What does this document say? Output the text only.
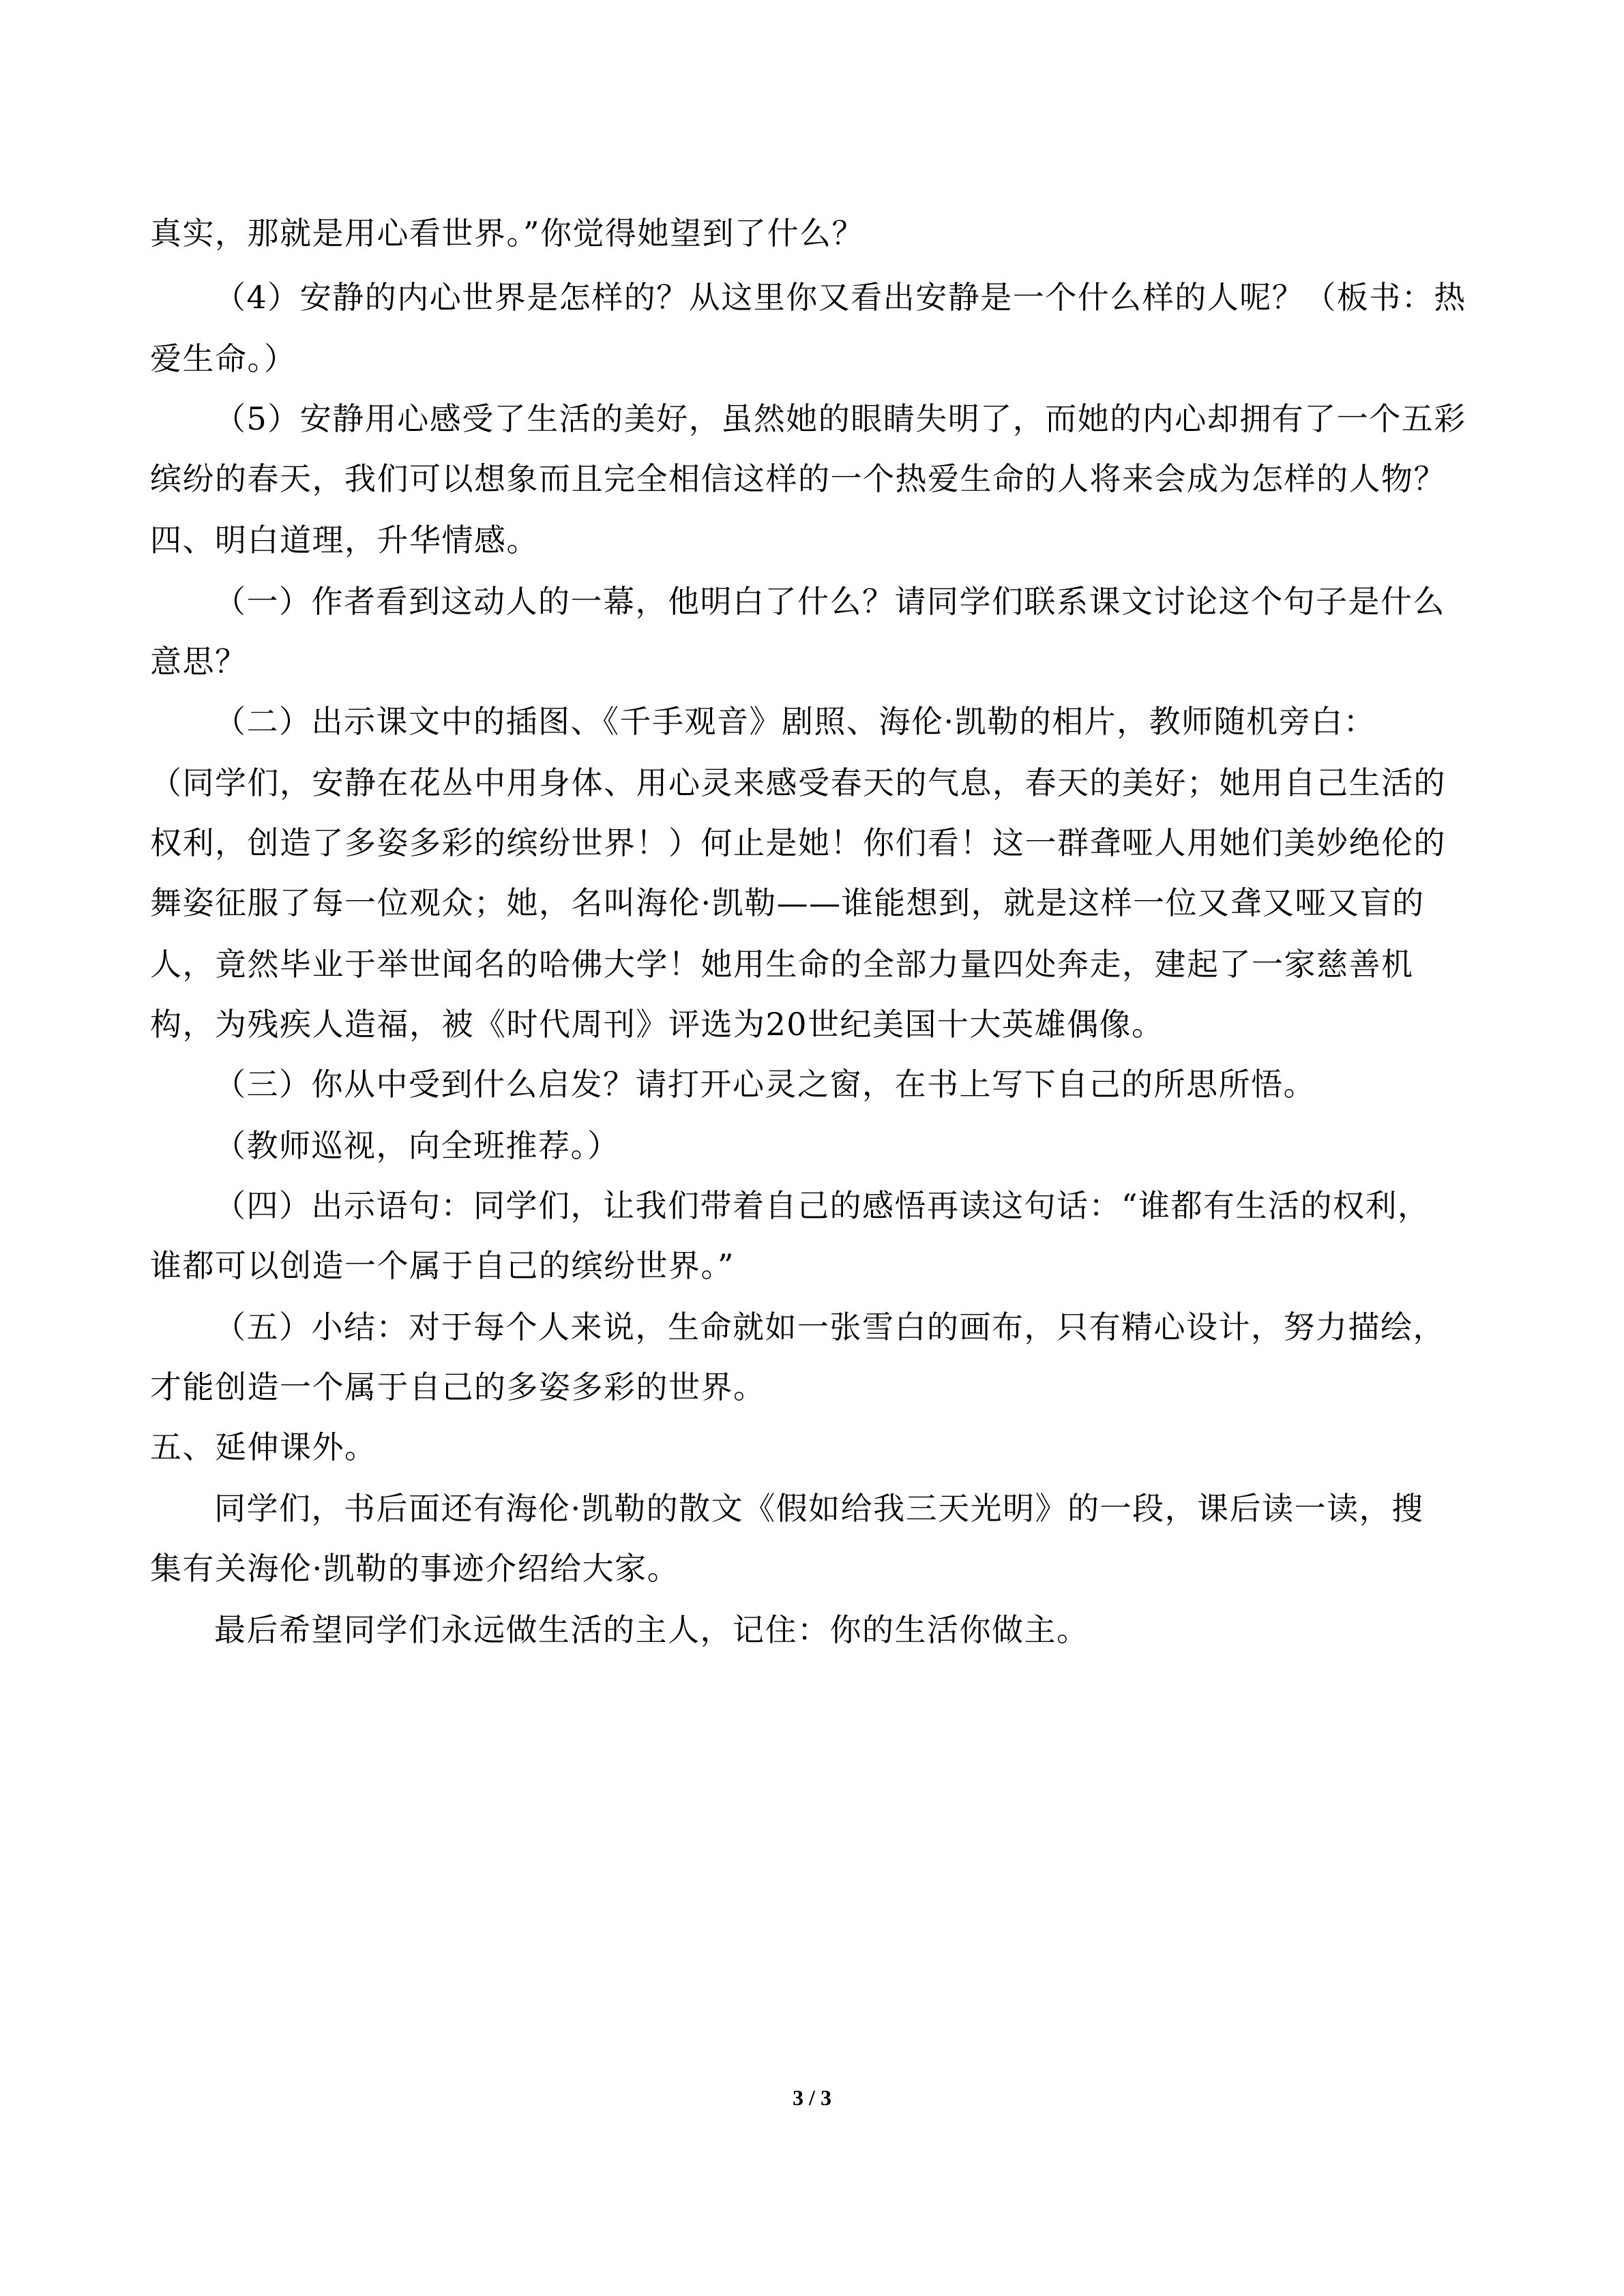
真实，那就是用心看世界。”你觉得她望到了什么？
（4）安静的内心世界是怎样的？从这里你又看出安静是一个什么样的人呢？（板书：热
爱生命。）
（5）安静用心感受了生活的美好，虽然她的眼睛失明了，而她的内心却拥有了一个五彩
缤纷的春天，我们可以想象而且完全相信这样的一个热爱生命的人将来会成为怎样的人物？
四、明白道理，升华情感。
（一）作者看到这动人的一幕，他明白了什么？请同学们联系课文讨论这个句子是什么
意思？
（二）出示课文中的插图、《千手观音》剧照、海伦·凯勒的相片，教师随机旁白：
（同学们，安静在花丛中用身体、用心灵来感受春天的气息，春天的美好；她用自己生活的
权利，创造了多姿多彩的缤纷世界！）何止是她！你们看！这一群聋哑人用她们美妙绝伦的
舞姿征服了每一位观众；她，名叫海伦·凯勒——谁能想到，就是这样一位又聋又哑又盲的
人，竟然毕业于举世闻名的哈佛大学！她用生命的全部力量四处奔走，建起了一家慈善机
构，为残疾人造福，被《时代周刊》评选为20世纪美国十大英雄偶像。
（三）你从中受到什么启发？请打开心灵之窗，在书上写下自己的所思所悟。
（教师巡视，向全班推荐。）
（四）出示语句：同学们，让我们带着自己的感悟再读这句话：“谁都有生活的权利，
谁都可以创造一个属于自己的缤纷世界。”
（五）小结：对于每个人来说，生命就如一张雪白的画布，只有精心设计，努力描绘，
才能创造一个属于自己的多姿多彩的世界。
五、延伸课外。
同学们，书后面还有海伦·凯勒的散文《假如给我三天光明》的一段，课后读一读，搜
集有关海伦·凯勒的事迹介绍给大家。
最后希望同学们永远做生活的主人，记住：你的生活你做主。
3 / 3
